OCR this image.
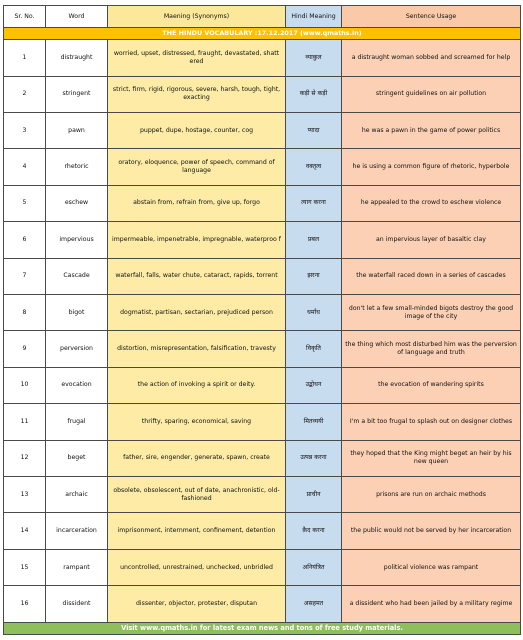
Sr. No.	Word	Maening (Synonyms)	Hindi Meaning	Sentence Usage
THE HINDU VOCABULARY :17.12.2017 (www.qmaths.in)				
1	distraught	worried, upset, distressed, fraught, devastated, shatt ered	व्याकुल	a distraught woman sobbed and screamed for help
2	stringent	strict, firm, rigid, rigorous, severe, harsh, tough, tight, exacting	कड़ी से कड़ी	stringent guidelines on air pollution
3	pawn	puppet, dupe, hostage, counter, cog	प्यादा	he was a pawn in the game of power politics
4	rhetoric	oratory, eloquence, power of speech, command of language	वक्तृत्व	he is using a common figure of rhetoric, hyperbole
5	eschew	abstain from, refrain from, give up, forgo	त्याग करना	he appealed to the crowd to eschew violence
6	impervious	impermeable, impenetrable, impregnable, waterproo f	प्रबल	an impervious layer of basaltic clay
7	Cascade	waterfall, falls, water chute, cataract, rapids, torrent	झरना	the waterfall raced down in a series of cascades
8	bigot	dogmatist, partisan, sectarian, prejudiced person	धर्मांध	don't let a few small-minded bigots destroy the good image of the city
9	perversion	distortion, misrepresentation, falsification, travesty	विकृति	the thing which most disturbed him was the perversion of language and truth
10	evocation	the action of invoking a spirit or deity.	उद्बोधन	the evocation of wandering spirits
11	frugal	thrifty, sparing, economical, saving	मितव्ययी	I'm a bit too frugal to splash out on designer clothes
12	beget	father, sire, engender, generate, spawn, create	उत्पन्न करना	they hoped that the King might beget an heir by his new queen
13	archaic	obsolete, obsolescent, out of date, anachronistic, old-fashioned	प्राचीन	prisons are run on archaic methods
14	incarceration	imprisonment, internment, confinement, detention	क़ैद करना	the public would not be served by her incarceration
15	rampant	uncontrolled, unrestrained, unchecked, unbridled	अनियंत्रित	political violence was rampant
16	dissident	dissenter, objector, protester, disputan	असहमत	a dissident who had been jailed by a military regime
Visit www.qmaths.in for latest exam news and tons of free study materials.				
